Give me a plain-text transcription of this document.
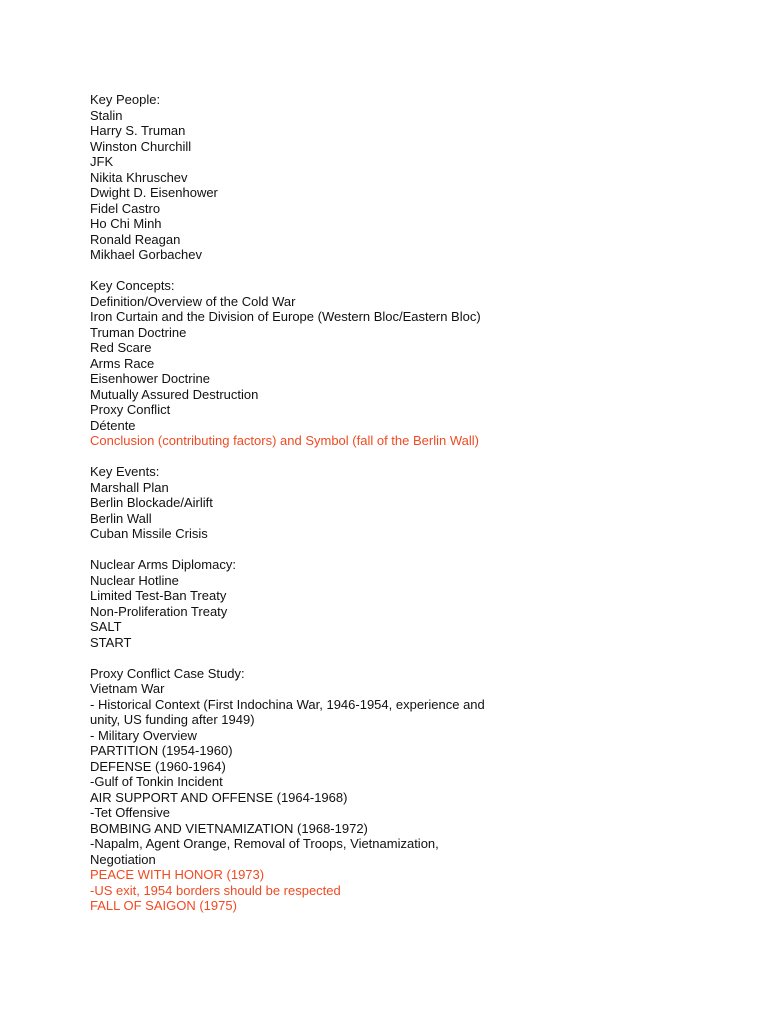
Key People:
Stalin
Harry S. Truman
Winston Churchill
JFK
Nikita Khruschev
Dwight D. Eisenhower
Fidel Castro
Ho Chi Minh
Ronald Reagan
Mikhael Gorbachev
Key Concepts:
Definition/Overview of the Cold War
Iron Curtain and the Division of Europe (Western Bloc/Eastern Bloc)
Truman Doctrine
Red Scare
Arms Race
Eisenhower Doctrine
Mutually Assured Destruction
Proxy Conflict
Détente
Conclusion (contributing factors) and Symbol (fall of the Berlin Wall)
Key Events:
Marshall Plan
Berlin Blockade/Airlift
Berlin Wall
Cuban Missile Crisis
Nuclear Arms Diplomacy:
Nuclear Hotline
Limited Test-Ban Treaty
Non-Proliferation Treaty
SALT
START
Proxy Conflict Case Study:
Vietnam War
- Historical Context (First Indochina War, 1946-1954, experience and
unity, US funding after 1949)
- Military Overview
PARTITION (1954-1960)
DEFENSE (1960-1964)
-Gulf of Tonkin Incident
AIR SUPPORT AND OFFENSE (1964-1968)
-Tet Offensive
BOMBING AND VIETNAMIZATION (1968-1972)
-Napalm, Agent Orange, Removal of Troops, Vietnamization,
Negotiation
PEACE WITH HONOR (1973)
-US exit, 1954 borders should be respected
FALL OF SAIGON (1975)
